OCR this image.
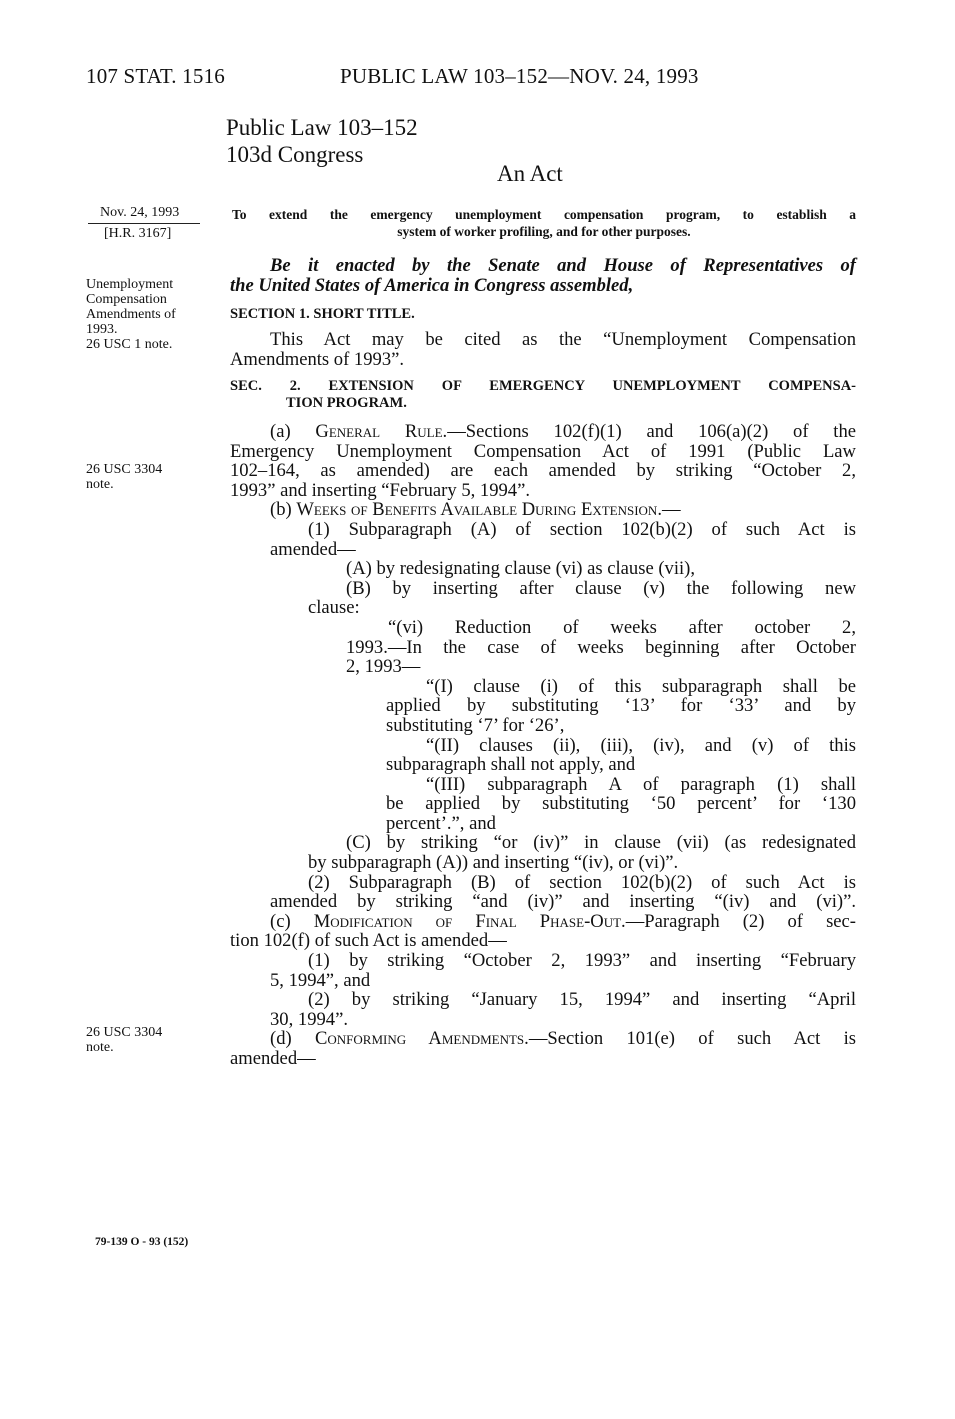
107 STAT. 1516	PUBLIC LAW 103–152—NOV. 24, 1993
Public Law 103–152
103d Congress
An Act
Nov. 24, 1993
[H.R. 3167]
Unemployment
Compensation
Amendments of
1993.
26 USC 1 note.
26 USC 3304
note.
26 USC 3304
note.
To extend the emergency unemployment compensation program, to establish a
system of worker profiling, and for other purposes.
Be it enacted by the Senate and House of Representatives of
the United States of America in Congress assembled,
SECTION 1. SHORT TITLE.
This Act may be cited as the “Unemployment Compensation
Amendments of 1993”.
SEC. 2. EXTENSION OF EMERGENCY UNEMPLOYMENT COMPENSA-
TION PROGRAM.
(a) General Rule.—Sections 102(f)(1) and 106(a)(2) of the
Emergency Unemployment Compensation Act of 1991 (Public Law
102–164, as amended) are each amended by striking “October 2,
1993” and inserting “February 5, 1994”.
(b) Weeks of Benefits Available During Extension.—
(1) Subparagraph (A) of section 102(b)(2) of such Act is
amended—
(A) by redesignating clause (vi) as clause (vii),
(B) by inserting after clause (v) the following new
clause:
“(vi) Reduction of weeks after october 2,
1993.—In the case of weeks beginning after October
2, 1993—
“(I) clause (i) of this subparagraph shall be
applied by substituting ‘13’ for ‘33’ and by
substituting ‘7’ for ‘26’,
“(II) clauses (ii), (iii), (iv), and (v) of this
subparagraph shall not apply, and
“(III) subparagraph A of paragraph (1) shall
be applied by substituting ‘50 percent’ for ‘130
percent’.”, and
(C) by striking “or (iv)” in clause (vii) (as redesignated
by subparagraph (A)) and inserting “(iv), or (vi)”.
(2) Subparagraph (B) of section 102(b)(2) of such Act is
amended by striking “and (iv)” and inserting “(iv) and (vi)”.
(c) Modification of Final Phase-Out.—Paragraph (2) of sec-
tion 102(f) of such Act is amended—
(1) by striking “October 2, 1993” and inserting “February
5, 1994”, and
(2) by striking “January 15, 1994” and inserting “April
30, 1994”.
(d) Conforming Amendments.—Section 101(e) of such Act is
amended—
79-139 O - 93 (152)
